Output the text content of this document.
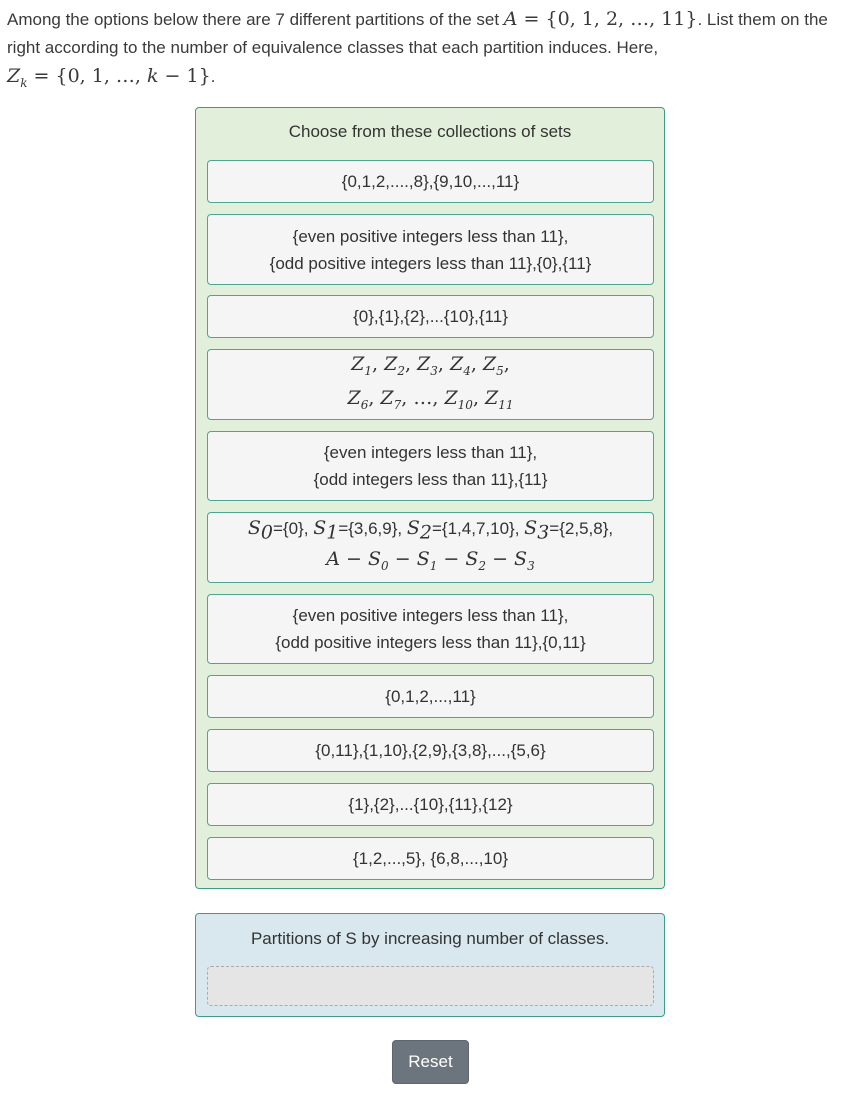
Among the options below there are 7 different partitions of the set A = {0, 1, 2, …, 11}. List them on the right according to the number of equivalence classes that each partition induces. Here,
$Z_k = \{0$, 1, …, k − 1}.
Choose from these collections of sets
{0,1,2,....,8},{9,10,...,11}
{even positive integers less than 11},
{odd positive integers less than 11},{0},{11}
{0},{1},{2},...{10},{11}
$Z_1$, $Z_2$, $Z_3$, $Z_4$, $Z_5$,
$Z_6$, $Z_7$, …, $Z_{10}$, $Z_{11}$
{even integers less than 11},
{odd integers less than 11},{11}
$S_0=\{0\}$, $S_1=\{3,6,9\}$, $S_2=\{1,4,7,10\}$, $S_3=\{2,5,8\}$,
$A - S_0 - S_1 - S_2 - S_3$
{even positive integers less than 11},
{odd positive integers less than 11},{0,11}
{0,1,2,...,11}
{0,11},{1,10},{2,9},{3,8},...,{5,6}
{1},{2},...{10},{11},{12}
{1,2,...,5}, {6,8,...,10}
Partitions of S by increasing number of classes.
Reset
